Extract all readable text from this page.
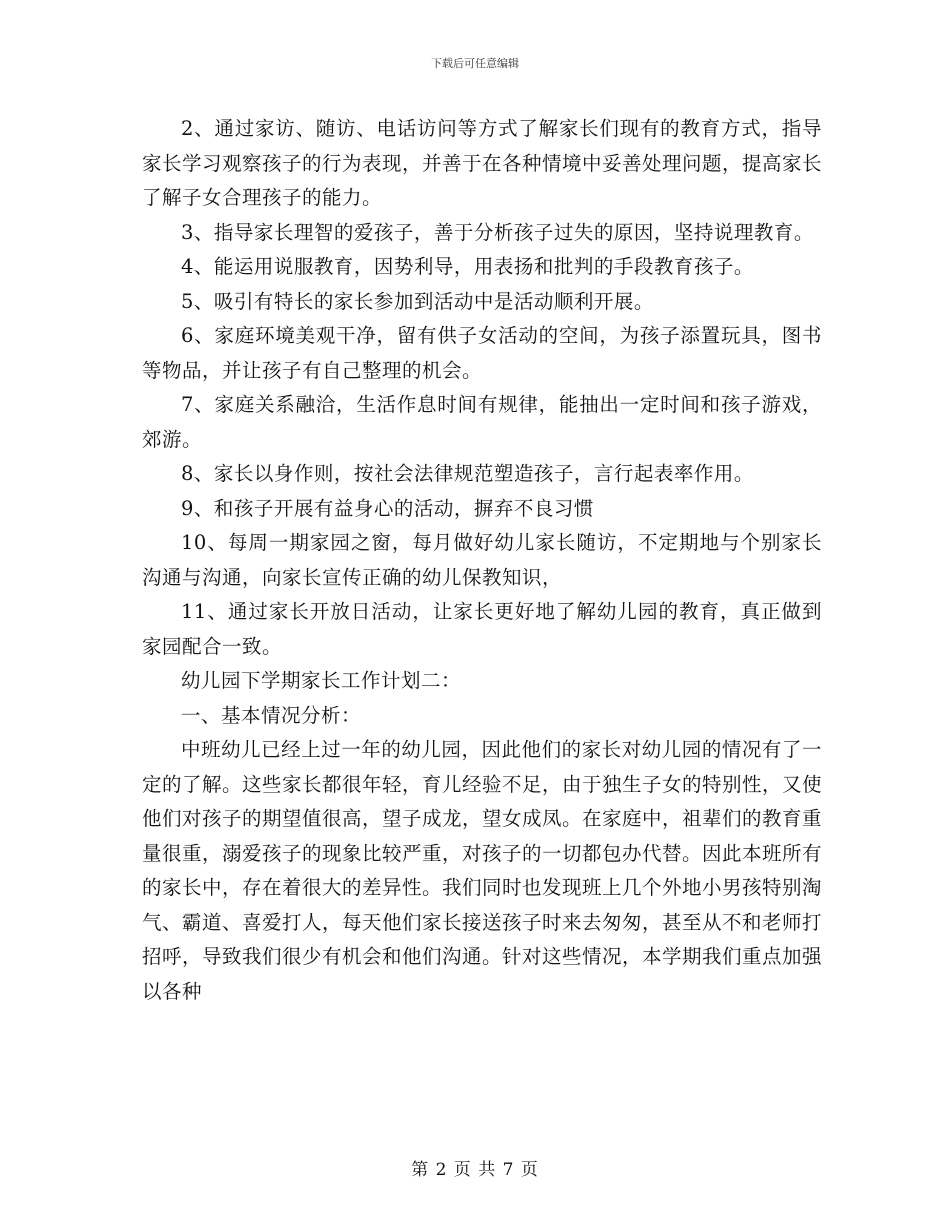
下载后可任意编辑

2、通过家访、随访、电话访问等方式了解家长们现有的教育方式，指导家长学习观察孩子的行为表现，并善于在各种情境中妥善处理问题，提高家长了解子女合理孩子的能力。

3、指导家长理智的爱孩子，善于分析孩子过失的原因，坚持说理教育。

4、能运用说服教育，因势利导，用表扬和批判的手段教育孩子。

5、吸引有特长的家长参加到活动中是活动顺利开展。

6、家庭环境美观干净，留有供子女活动的空间，为孩子添置玩具，图书等物品，并让孩子有自己整理的机会。

7、家庭关系融洽，生活作息时间有规律，能抽出一定时间和孩子游戏，郊游。

8、家长以身作则，按社会法律规范塑造孩子，言行起表率作用。

9、和孩子开展有益身心的活动，摒弃不良习惯

10、每周一期家园之窗，每月做好幼儿家长随访，不定期地与个别家长沟通与沟通，向家长宣传正确的幼儿保教知识，

11、通过家长开放日活动，让家长更好地了解幼儿园的教育，真正做到家园配合一致。

幼儿园下学期家长工作计划二：

一、基本情况分析：

中班幼儿已经上过一年的幼儿园，因此他们的家长对幼儿园的情况有了一定的了解。这些家长都很年轻，育儿经验不足，由于独生子女的特别性，又使他们对孩子的期望值很高，望子成龙，望女成凤。在家庭中，祖辈们的教育重量很重，溺爱孩子的现象比较严重，对孩子的一切都包办代替。因此本班所有的家长中，存在着很大的差异性。我们同时也发现班上几个外地小男孩特别淘气、霸道、喜爱打人，每天他们家长接送孩子时来去匆匆，甚至从不和老师打招呼，导致我们很少有机会和他们沟通。针对这些情况，本学期我们重点加强以各种

第 2 页 共 7 页
